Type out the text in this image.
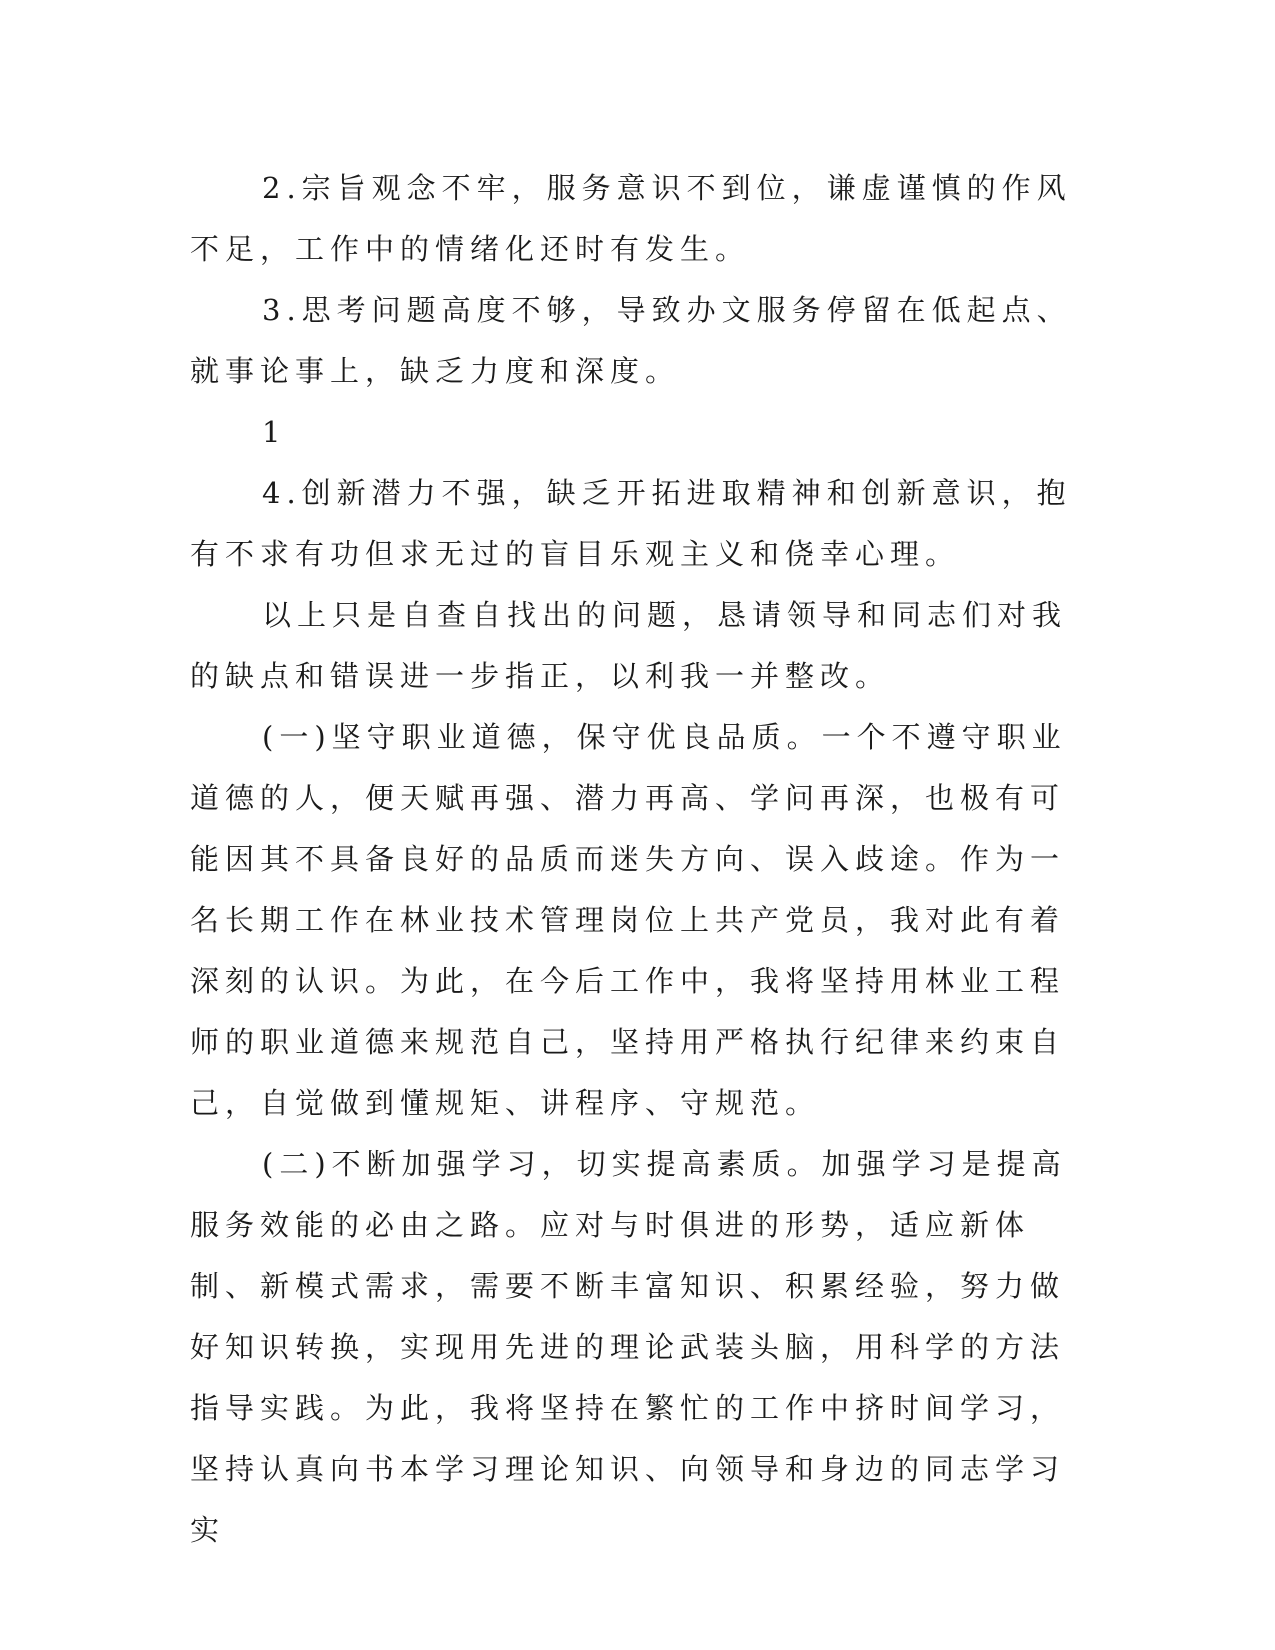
2.宗旨观念不牢，服务意识不到位，谦虚谨慎的作风不足，工作中的情绪化还时有发生。

3.思考问题高度不够，导致办文服务停留在低起点、就事论事上，缺乏力度和深度。

1

4.创新潜力不强，缺乏开拓进取精神和创新意识，抱有不求有功但求无过的盲目乐观主义和侥幸心理。

以上只是自查自找出的问题，恳请领导和同志们对我的缺点和错误进一步指正，以利我一并整改。

(一)坚守职业道德，保守优良品质。一个不遵守职业道德的人，便天赋再强、潜力再高、学问再深，也极有可能因其不具备良好的品质而迷失方向、误入歧途。作为一名长期工作在林业技术管理岗位上共产党员，我对此有着深刻的认识。为此，在今后工作中，我将坚持用林业工程师的职业道德来规范自己，坚持用严格执行纪律来约束自己，自觉做到懂规矩、讲程序、守规范。

(二)不断加强学习，切实提高素质。加强学习是提高服务效能的必由之路。应对与时俱进的形势，适应新体制、新模式需求，需要不断丰富知识、积累经验，努力做好知识转换，实现用先进的理论武装头脑，用科学的方法指导实践。为此，我将坚持在繁忙的工作中挤时间学习，坚持认真向书本学习理论知识、向领导和身边的同志学习实
